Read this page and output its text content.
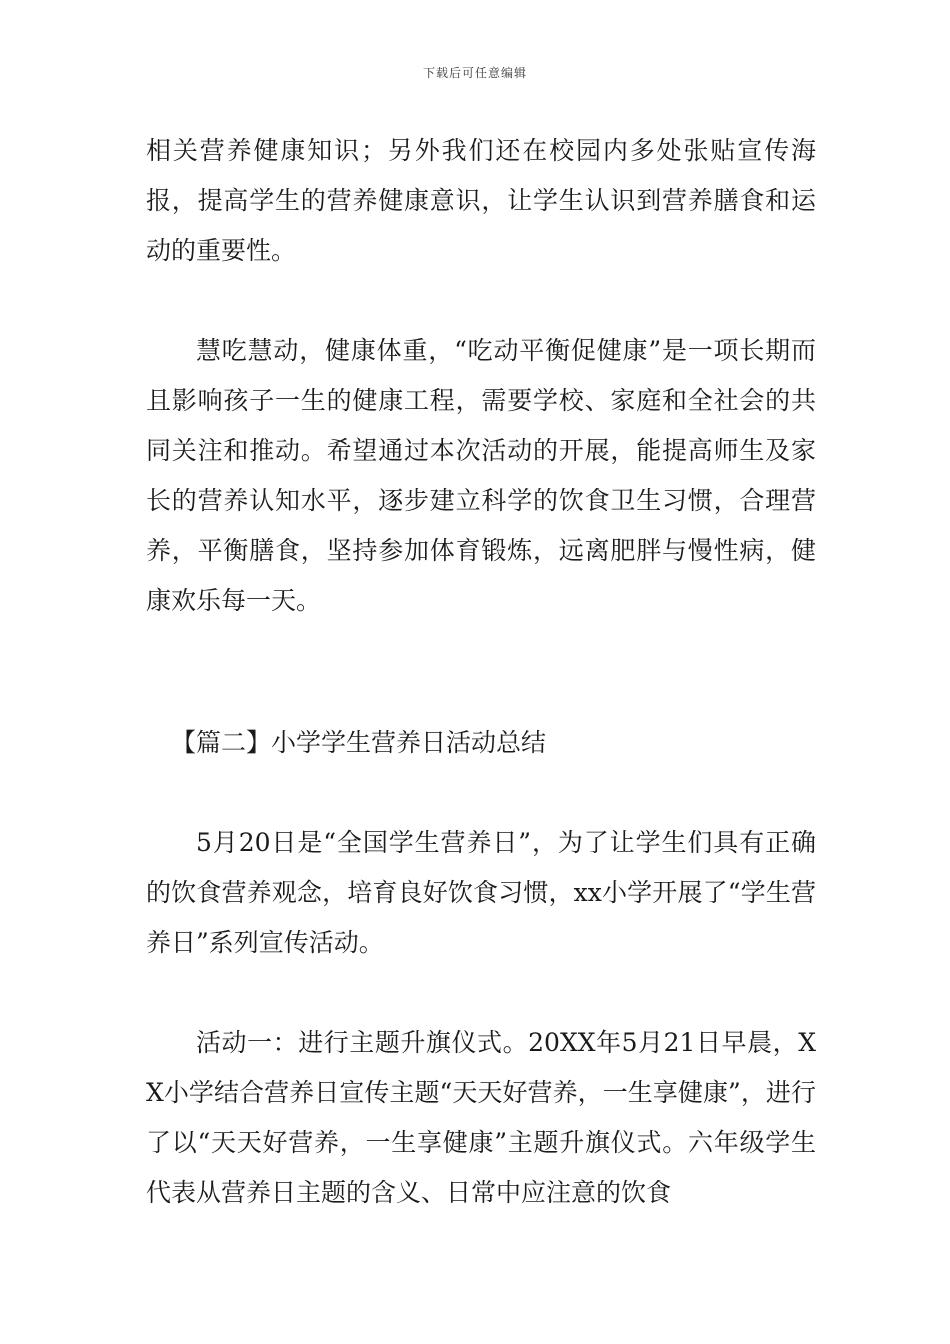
下载后可任意编辑

相关营养健康知识；另外我们还在校园内多处张贴宣传海报，提高学生的营养健康意识，让学生认识到营养膳食和运动的重要性。

慧吃慧动，健康体重，“吃动平衡促健康”是一项长期而且影响孩子一生的健康工程，需要学校、家庭和全社会的共同关注和推动。希望通过本次活动的开展，能提高师生及家长的营养认知水平，逐步建立科学的饮食卫生习惯，合理营养，平衡膳食，坚持参加体育锻炼，远离肥胖与慢性病，健康欢乐每一天。

【篇二】小学学生营养日活动总结

5月20日是“全国学生营养日”，为了让学生们具有正确的饮食营养观念，培育良好饮食习惯，xx小学开展了“学生营养日”系列宣传活动。

活动一：进行主题升旗仪式。20XX年5月21日早晨，XX小学结合营养日宣传主题“天天好营养，一生享健康”，进行了以“天天好营养，一生享健康”主题升旗仪式。六年级学生代表从营养日主题的含义、日常中应注意的饮食
